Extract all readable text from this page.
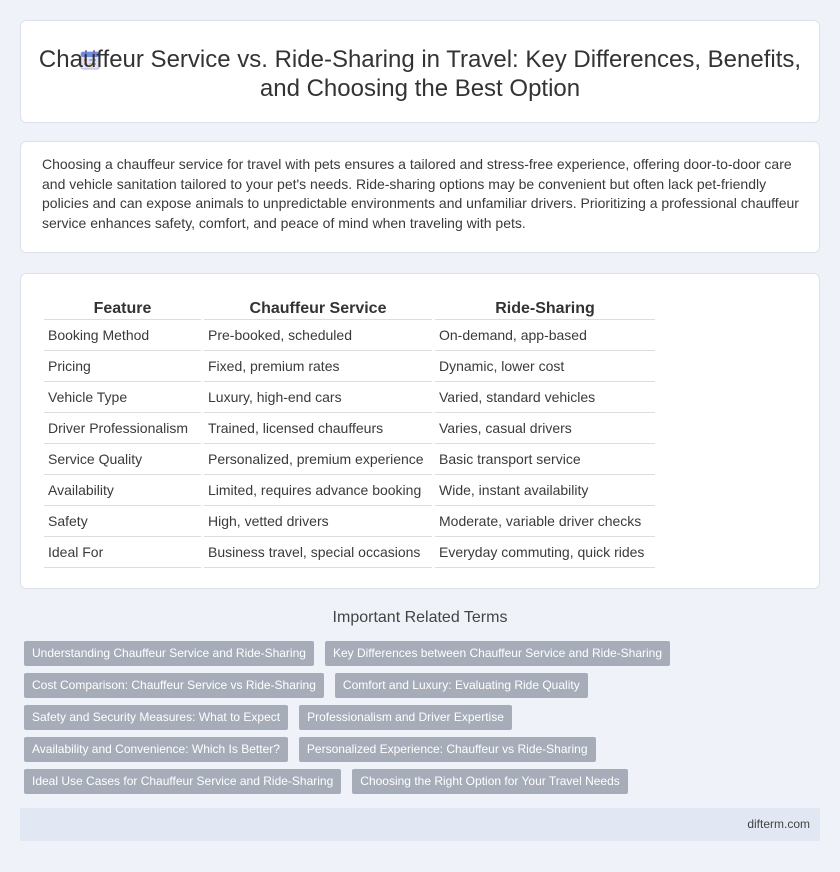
Chauffeur Service vs. Ride-Sharing in Travel: Key Differences, Benefits, and Choosing the Best Option

Choosing a chauffeur service for travel with pets ensures a tailored and stress-free experience, offering door-to-door care and vehicle sanitation tailored to your pet's needs. Ride-sharing options may be convenient but often lack pet-friendly policies and can expose animals to unpredictable environments and unfamiliar drivers. Prioritizing a professional chauffeur service enhances safety, comfort, and peace of mind when traveling with pets.

Feature	Chauffeur Service	Ride-Sharing
Booking Method	Pre-booked, scheduled	On-demand, app-based
Pricing	Fixed, premium rates	Dynamic, lower cost
Vehicle Type	Luxury, high-end cars	Varied, standard vehicles
Driver Professionalism	Trained, licensed chauffeurs	Varies, casual drivers
Service Quality	Personalized, premium experience	Basic transport service
Availability	Limited, requires advance booking	Wide, instant availability
Safety	High, vetted drivers	Moderate, variable driver checks
Ideal For	Business travel, special occasions	Everyday commuting, quick rides
Important Related Terms
Understanding Chauffeur Service and Ride-Sharing	Key Differences between Chauffeur Service and Ride-Sharing
Cost Comparison: Chauffeur Service vs Ride-Sharing	Comfort and Luxury: Evaluating Ride Quality
Safety and Security Measures: What to Expect	Professionalism and Driver Expertise
Availability and Convenience: Which Is Better?	Personalized Experience: Chauffeur vs Ride-Sharing
Ideal Use Cases for Chauffeur Service and Ride-Sharing	Choosing the Right Option for Your Travel Needs
difterm.com
